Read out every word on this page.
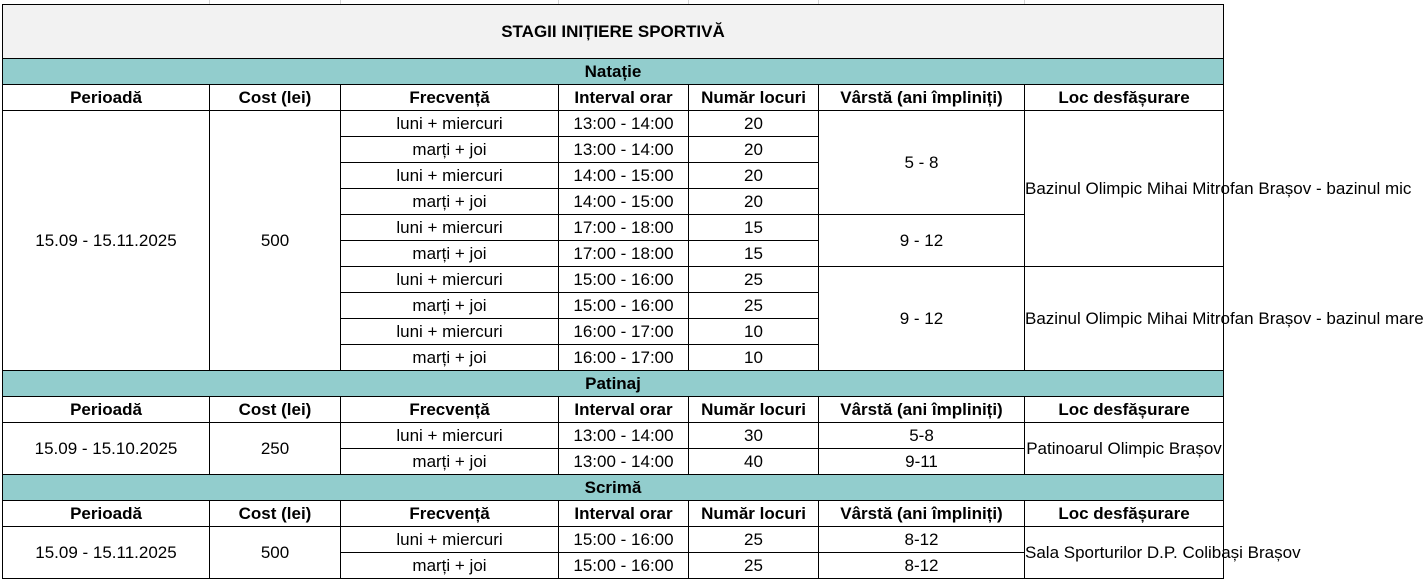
STAGII INIȚIERE SPORTIVĂ						
Natație						
Perioadă	Cost (lei)	Frecvență	Interval orar	Număr locuri	Vârstă (ani împliniți)	Loc desfășurare
15.09 - 15.11.2025	500	luni + miercuri	13:00 - 14:00	20	5 - 8	Bazinul Olimpic Mihai Mitrofan Brașov - bazinul mic
		marți + joi	13:00 - 14:00	20		
		luni + miercuri	14:00 - 15:00	20		
		marți + joi	14:00 - 15:00	20		
		luni + miercuri	17:00 - 18:00	15	9 - 12	
		marți + joi	17:00 - 18:00	15		
		luni + miercuri	15:00 - 16:00	25	9 - 12	Bazinul Olimpic Mihai Mitrofan Brașov - bazinul mare
		marți + joi	15:00 - 16:00	25		
		luni + miercuri	16:00 - 17:00	10		
		marți + joi	16:00 - 17:00	10		
Patinaj						
Perioadă	Cost (lei)	Frecvență	Interval orar	Număr locuri	Vârstă (ani împliniți)	Loc desfășurare
15.09 - 15.10.2025	250	luni + miercuri	13:00 - 14:00	30	5-8	Patinoarul Olimpic Brașov
		marți + joi	13:00 - 14:00	40	9-11	
Scrimă						
Perioadă	Cost (lei)	Frecvență	Interval orar	Număr locuri	Vârstă (ani împliniți)	Loc desfășurare
15.09 - 15.11.2025	500	luni + miercuri	15:00 - 16:00	25	8-12	Sala Sporturilor D.P. Colibași Brașov
		marți + joi	15:00 - 16:00	25	8-12	
